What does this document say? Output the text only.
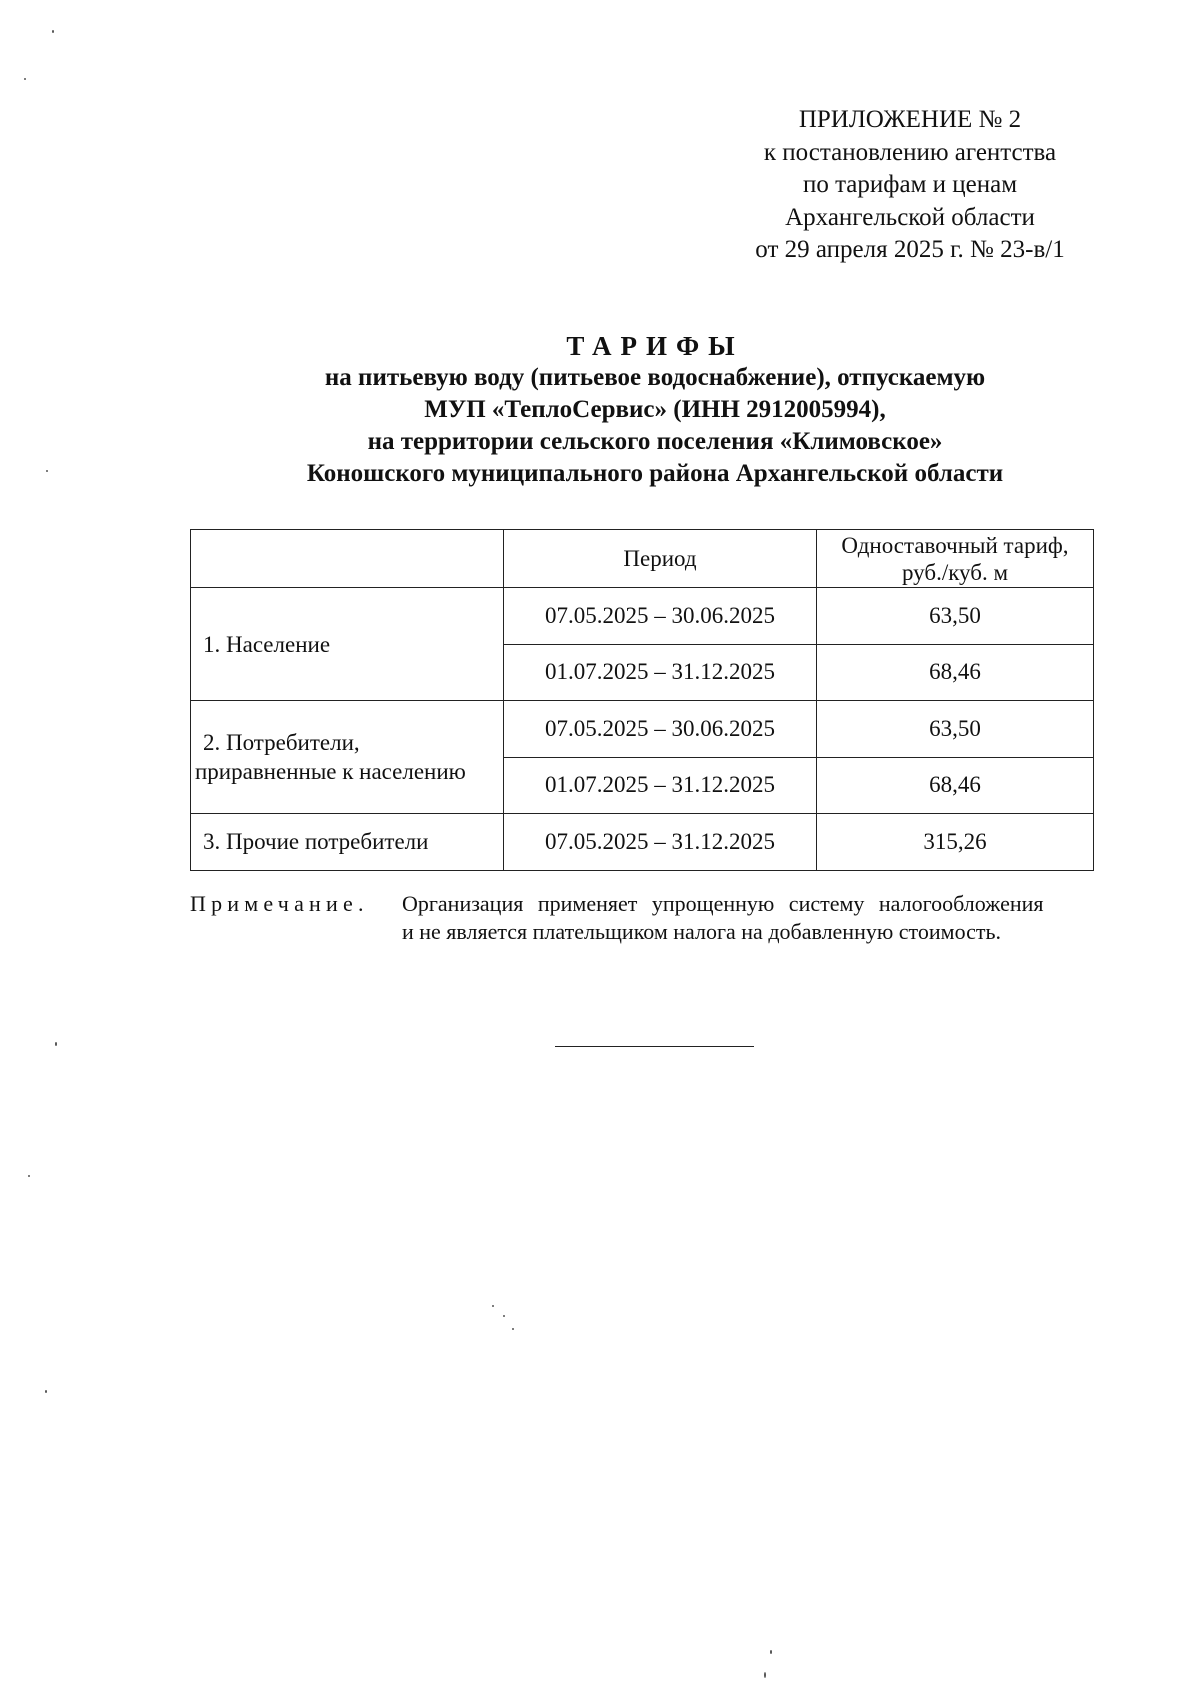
ПРИЛОЖЕНИЕ № 2
к постановлению агентства
по тарифам и ценам
Архангельской области
от 29 апреля 2025 г. № 23-в/1
ТАРИФЫ
на питьевую воду (питьевое водоснабжение), отпускаемую
МУП «ТеплоСервис» (ИНН 2912005994),
на территории сельского поселения «Климовское»
Коношского муниципального района Архангельской области
	Период	Одноставочный тариф,
руб./куб. м
1. Население	07.05.2025 – 30.06.2025	63,50
	01.07.2025 – 31.12.2025	68,46
2. Потребители,
приравненные к населению	07.05.2025 – 30.06.2025	63,50
	01.07.2025 – 31.12.2025	68,46
3. Прочие потребители	07.05.2025 – 31.12.2025	315,26
Примечание. Организация применяет упрощенную систему налогообложения
и не является плательщиком налога на добавленную стоимость.
